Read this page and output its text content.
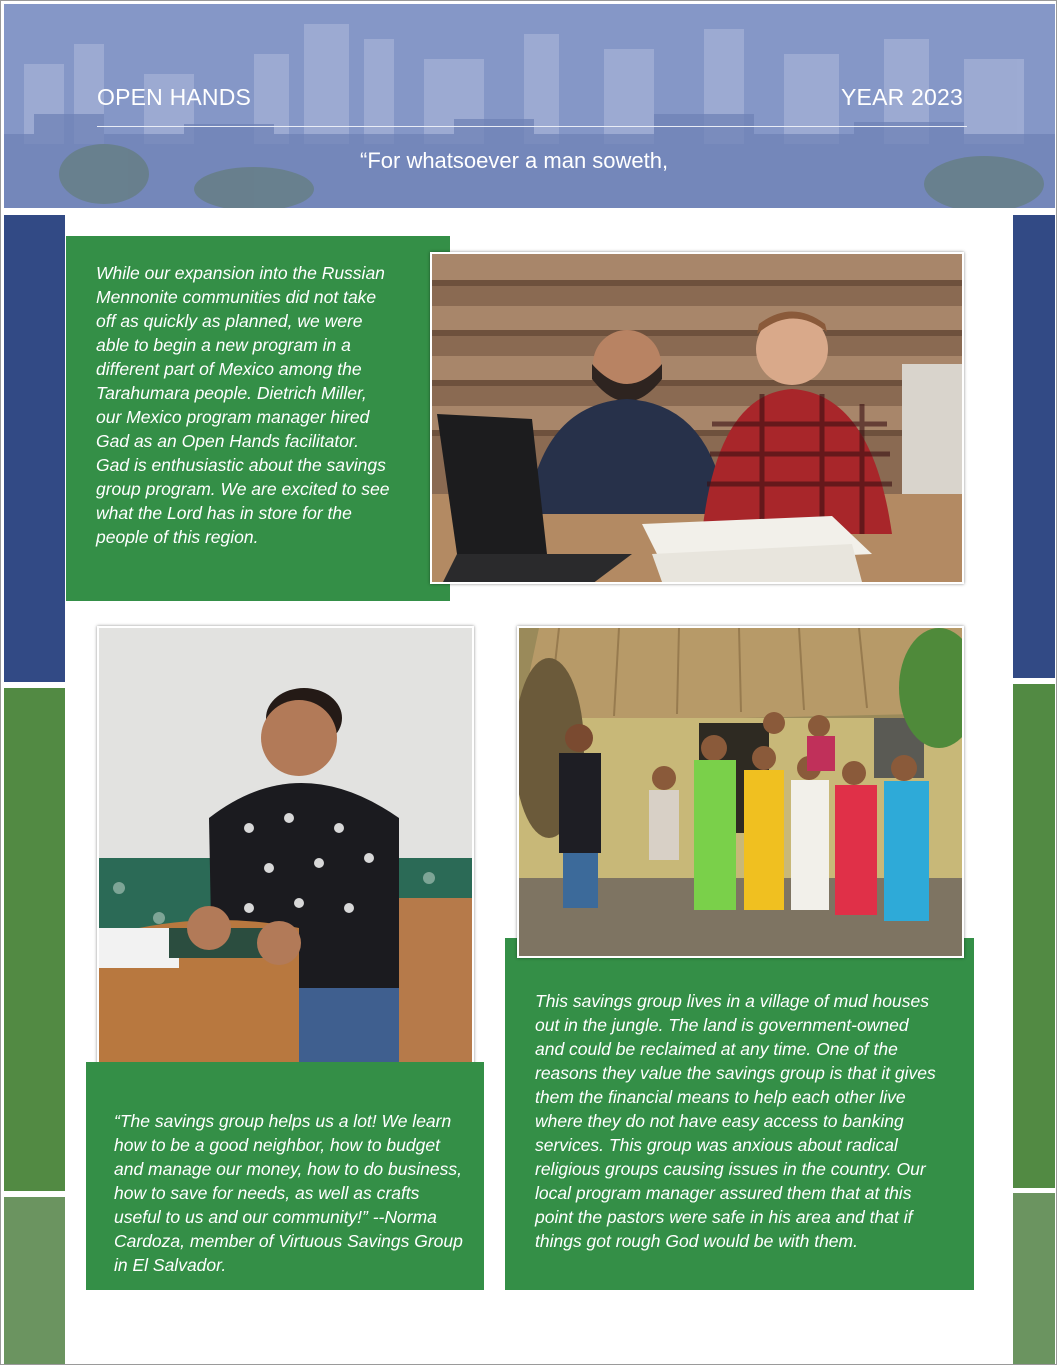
OPEN HANDS	YEAR 2023
“For whatsoever a man soweth,

While our expansion into the Russian Mennonite communities did not take off as quickly as planned, we were able to begin a new program in a different part of Mexico among the Tarahumara people. Dietrich Miller, our Mexico program manager hired Gad as an Open Hands facilitator. Gad is enthusiastic about the savings group program. We are excited to see what the Lord has in store for the people of this region.

“The savings group helps us a lot! We learn how to be a good neighbor, how to budget and manage our money, how to do business, how to save for needs, as well as crafts useful to us and our community!” --Norma Cardoza, member of Virtuous Savings Group in El Salvador.

This savings group lives in a village of mud houses out in the jungle. The land is government-owned and could be reclaimed at any time. One of the reasons they value the savings group is that it gives them the financial means to help each other live where they do not have easy access to banking services. This group was anxious about radical religious groups causing issues in the country. Our local program manager assured them that at this point the pastors were safe in his area and that if things got rough God would be with them.
